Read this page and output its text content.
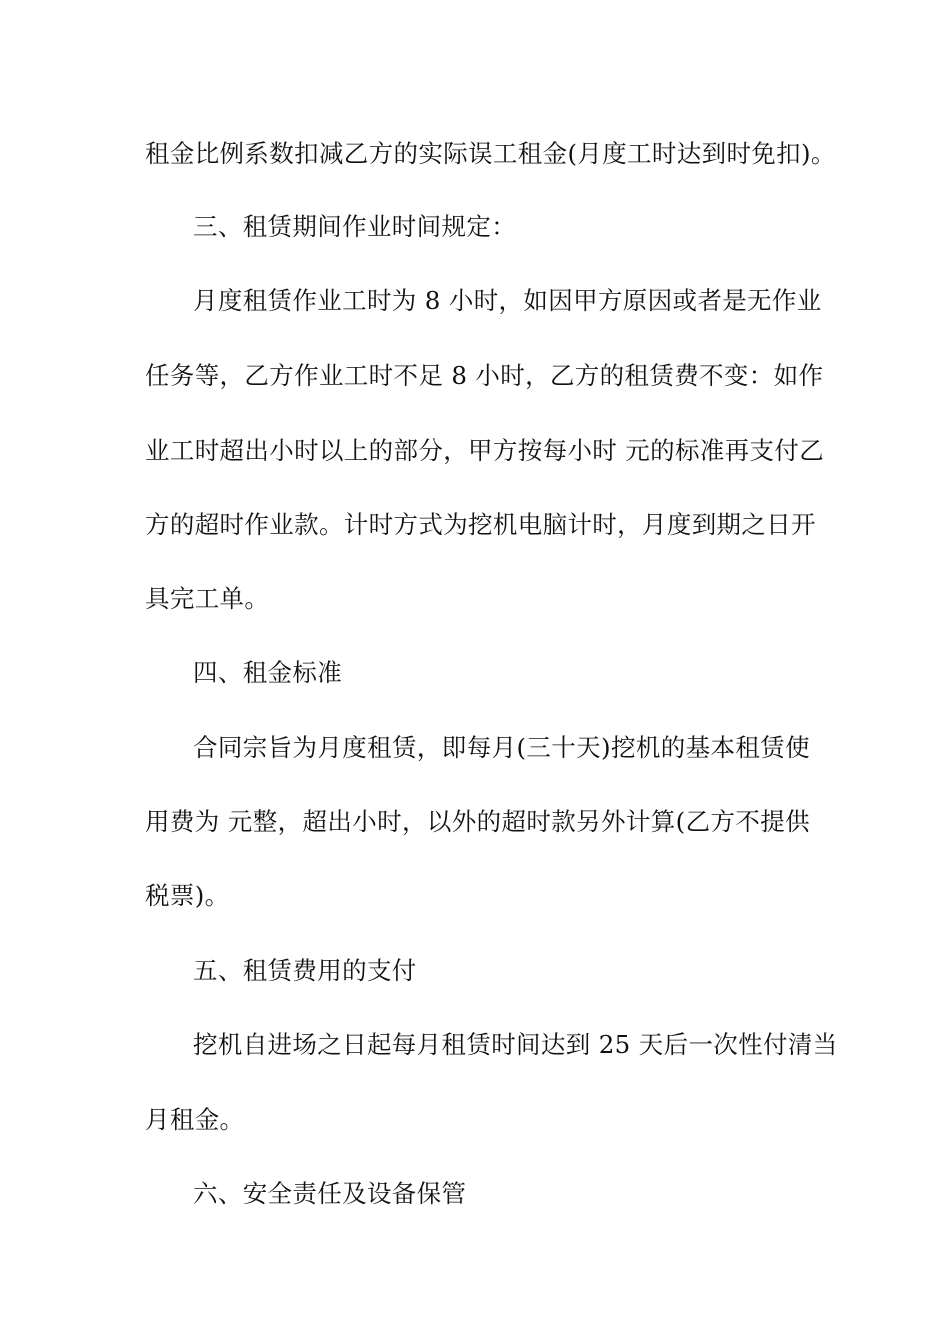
租金比例系数扣减乙方的实际误工租金(月度工时达到时免扣)。
三、租赁期间作业时间规定：
月度租赁作业工时为 8 小时，如因甲方原因或者是无作业
任务等，乙方作业工时不足 8 小时，乙方的租赁费不变：如作
业工时超出小时以上的部分，甲方按每小时 元的标准再支付乙
方的超时作业款。计时方式为挖机电脑计时，月度到期之日开
具完工单。
四、租金标准
合同宗旨为月度租赁，即每月(三十天)挖机的基本租赁使
用费为 元整，超出小时，以外的超时款另外计算(乙方不提供
税票)。
五、租赁费用的支付
挖机自进场之日起每月租赁时间达到 25 天后一次性付清当
月租金。
六、安全责任及设备保管
